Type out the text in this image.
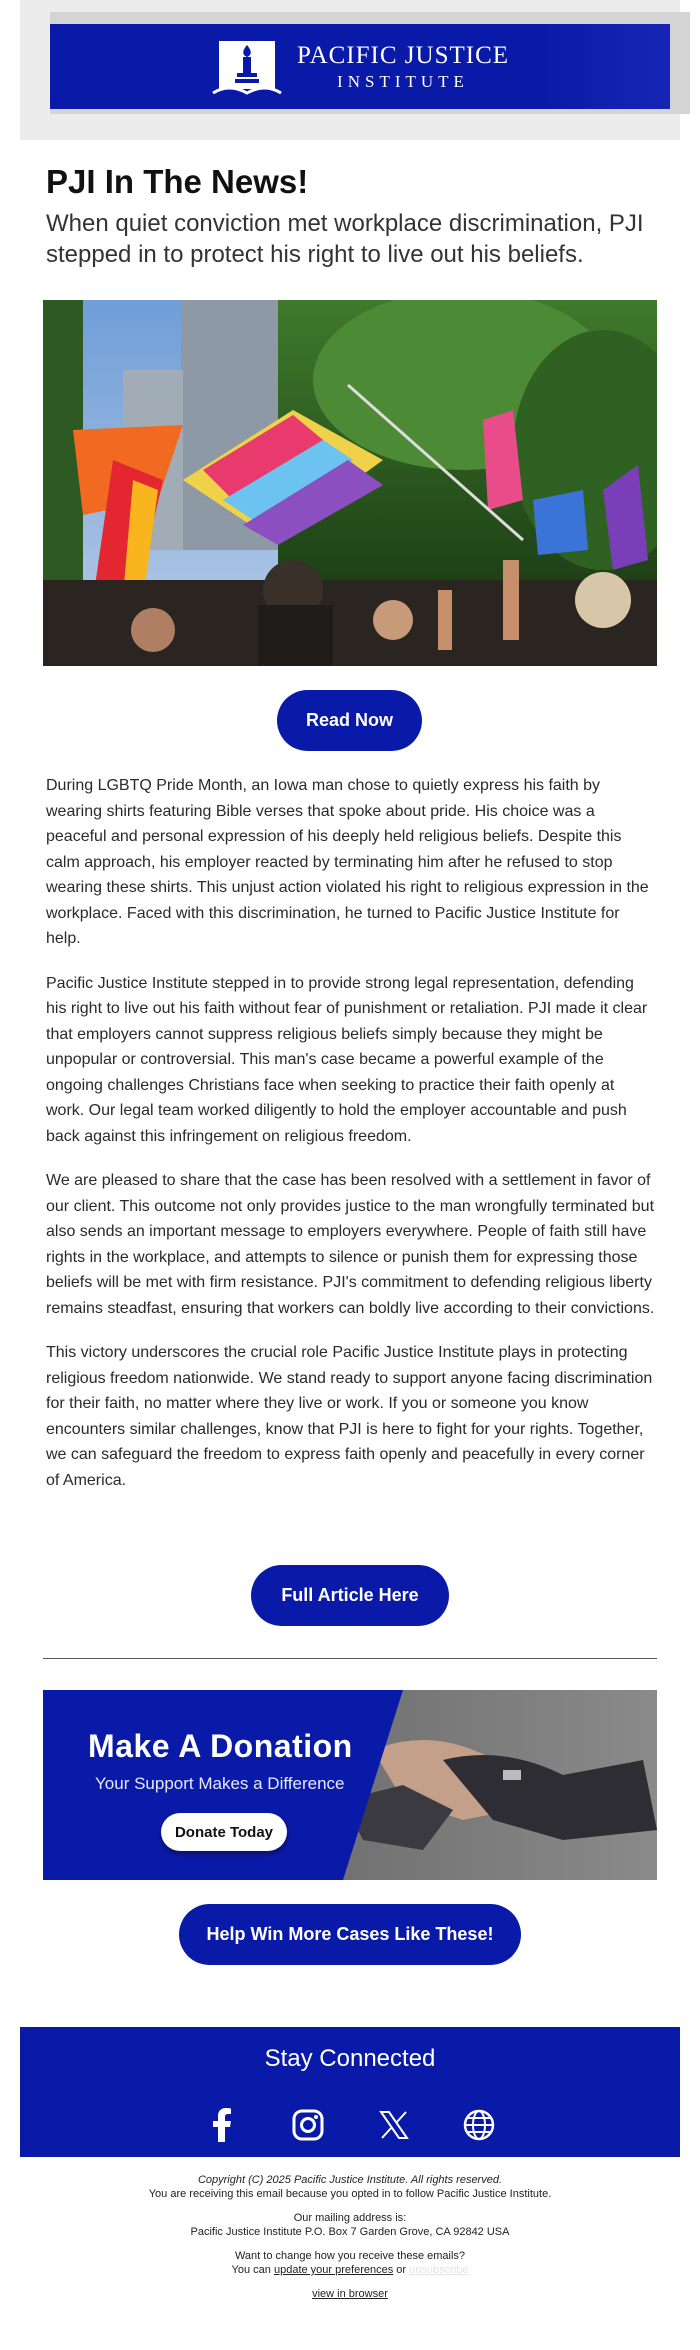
PACIFIC JUSTICE
INSTITUTE
PJI In The News!
When quiet conviction met workplace discrimination, PJI stepped in to protect his right to live out his beliefs.
Read Now

During LGBTQ Pride Month, an Iowa man chose to quietly express his faith by wearing shirts featuring Bible verses that spoke about pride. His choice was a peaceful and personal expression of his deeply held religious beliefs. Despite this calm approach, his employer reacted by terminating him after he refused to stop wearing these shirts. This unjust action violated his right to religious expression in the workplace. Faced with this discrimination, he turned to Pacific Justice Institute for help.

Pacific Justice Institute stepped in to provide strong legal representation, defending his right to live out his faith without fear of punishment or retaliation. PJI made it clear that employers cannot suppress religious beliefs simply because they might be unpopular or controversial. This man's case became a powerful example of the ongoing challenges Christians face when seeking to practice their faith openly at work. Our legal team worked diligently to hold the employer accountable and push back against this infringement on religious freedom.

We are pleased to share that the case has been resolved with a settlement in favor of our client. This outcome not only provides justice to the man wrongfully terminated but also sends an important message to employers everywhere. People of faith still have rights in the workplace, and attempts to silence or punish them for expressing those beliefs will be met with firm resistance. PJI's commitment to defending religious liberty remains steadfast, ensuring that workers can boldly live according to their convictions.

This victory underscores the crucial role Pacific Justice Institute plays in protecting religious freedom nationwide. We stand ready to support anyone facing discrimination for their faith, no matter where they live or work. If you or someone you know encounters similar challenges, know that PJI is here to fight for your rights. Together, we can safeguard the freedom to express faith openly and peacefully in every corner of America.

Full Article Here
Make A Donation
Your Support Makes a Difference
Donate Today
Help Win More Cases Like These!
Stay Connected
Copyright (C) 2025 Pacific Justice Institute. All rights reserved.
You are receiving this email because you opted in to follow Pacific Justice Institute.
Our mailing address is:
Pacific Justice Institute P.O. Box 7 Garden Grove, CA 92842 USA
Want to change how you receive these emails?
You can update your preferences or unsubscribe
view in browser
